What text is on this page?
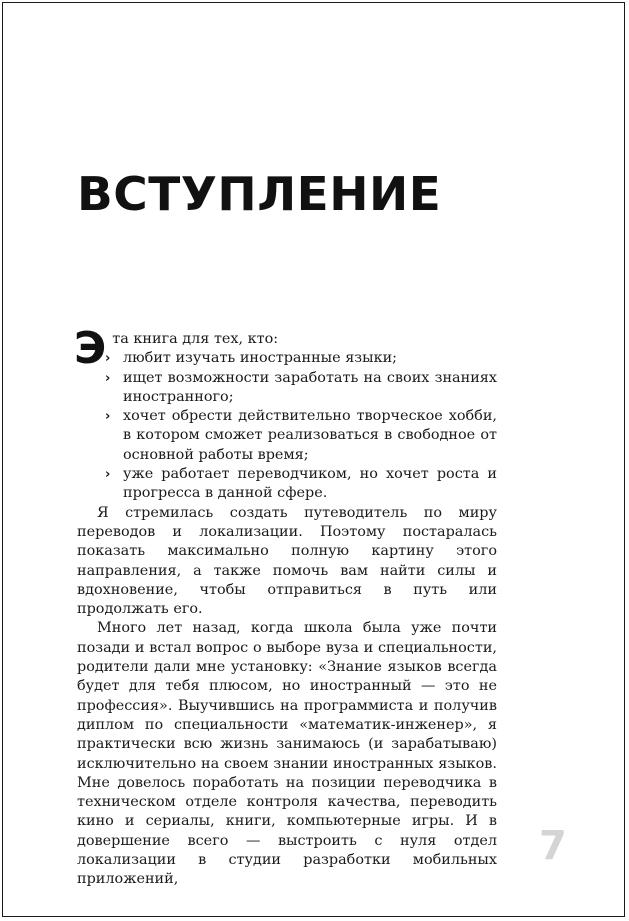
ВСТУПЛЕНИЕ
Эта книга для тех, кто:
› любит изучать иностранные языки;
› ищет возможности заработать на своих знаниях иностранного;
› хочет обрести действительно творческое хобби, в котором сможет реализоваться в свободное от основной работы время;
› уже работает переводчиком, но хочет роста и прогресса в данной сфере.

Я стремилась создать путеводитель по миру переводов и локализации. Поэтому постаралась показать максимально полную картину этого направления, а также помочь вам найти силы и вдохновение, чтобы отправиться в путь или продолжать его.

Много лет назад, когда школа была уже почти позади и встал вопрос о выборе вуза и специальности, родители дали мне установку: «Знание языков всегда будет для тебя плюсом, но иностранный — это не профессия». Выучившись на программиста и получив диплом по специальности «математик-инженер», я практически всю жизнь занимаюсь (и зарабатываю) исключительно на своем знании иностранных языков. Мне довелось поработать на позиции переводчика в техническом отделе контроля качества, переводить кино и сериалы, книги, компьютерные игры. И в довершение всего — выстроить с нуля отдел локализации в студии разработки мобильных приложений,

7
